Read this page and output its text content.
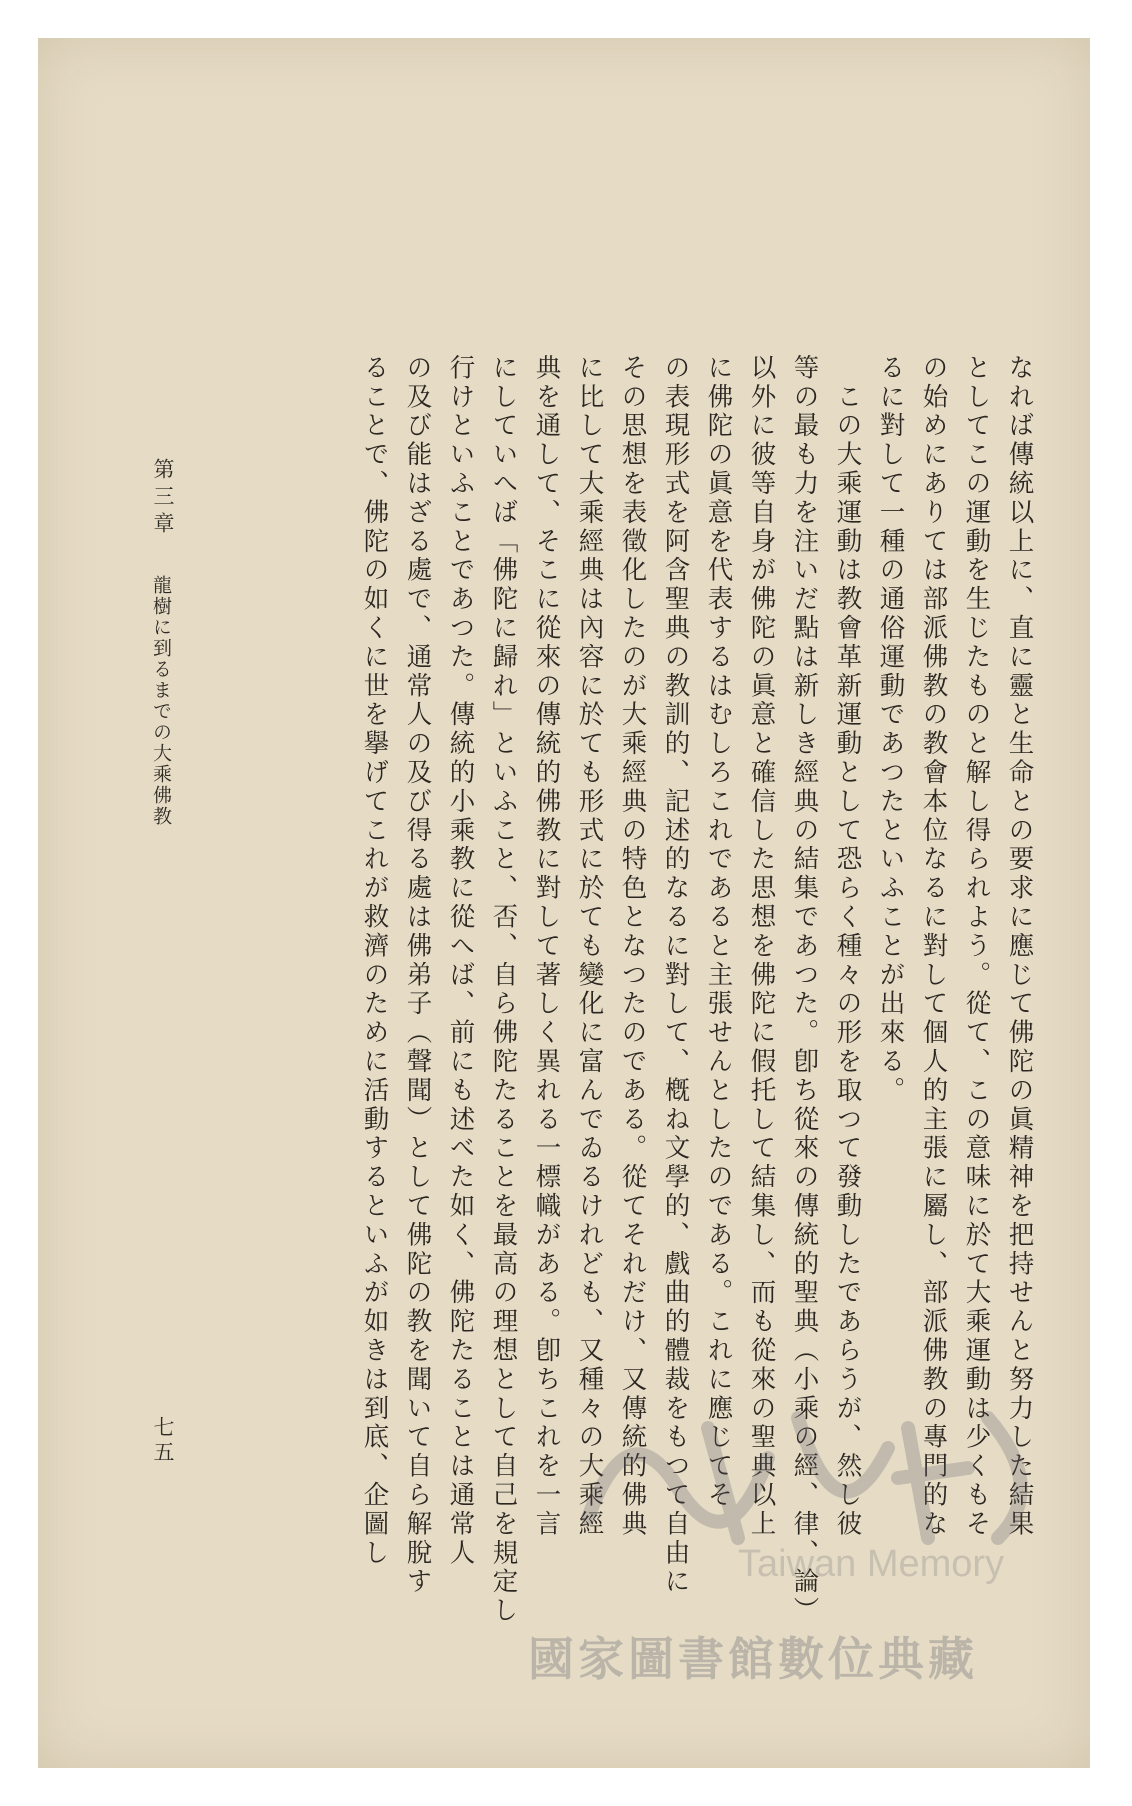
なれば傳統以上に、直に靈と生命との要求に應じて佛陀の眞精神を把持せんと努力した結果
としてこの運動を生じたものと解し得られよう。從て、この意味に於て大乘運動は少くもそ
の始めにありては部派佛教の教會本位なるに對して個人的主張に屬し、部派佛教の專門的な
るに對して一種の通俗運動であつたといふことが出來る。
　この大乘運動は教會革新運動として恐らく種々の形を取つて發動したであらうが、然し彼
等の最も力を注いだ點は新しき經典の結集であつた。卽ち從來の傳統的聖典（小乘の經、律、論）
以外に彼等自身が佛陀の眞意と確信した思想を佛陀に假托して結集し、而も從來の聖典以上
に佛陀の眞意を代表するはむしろこれであると主張せんとしたのである。これに應じてそ
の表現形式を阿含聖典の教訓的、記述的なるに對して、槪ね文學的、戲曲的體裁をもつて自由に
その思想を表徵化したのが大乘經典の特色となつたのである。從てそれだけ、又傳統的佛典
に比して大乘經典は內容に於ても形式に於ても變化に富んでゐるけれども、又種々の大乘經
典を通して、そこに從來の傳統的佛教に對して著しく異れる一標幟がある。卽ちこれを一言
にしていへば「佛陀に歸れ」といふこと、否、自ら佛陀たることを最高の理想として自己を規定し
行けといふことであつた。傳統的小乘教に從へば、前にも述べた如く、佛陀たることは通常人
の及び能はざる處で、通常人の及び得る處は佛弟子（聲聞）として佛陀の教を聞いて自ら解脫す
ることで、佛陀の如くに世を擧げてこれが救濟のために活動するといふが如きは到底、企圖し
第三章
龍樹に到るまでの大乘佛教
七五
Taiwan Memory
國家圖書館數位典藏
